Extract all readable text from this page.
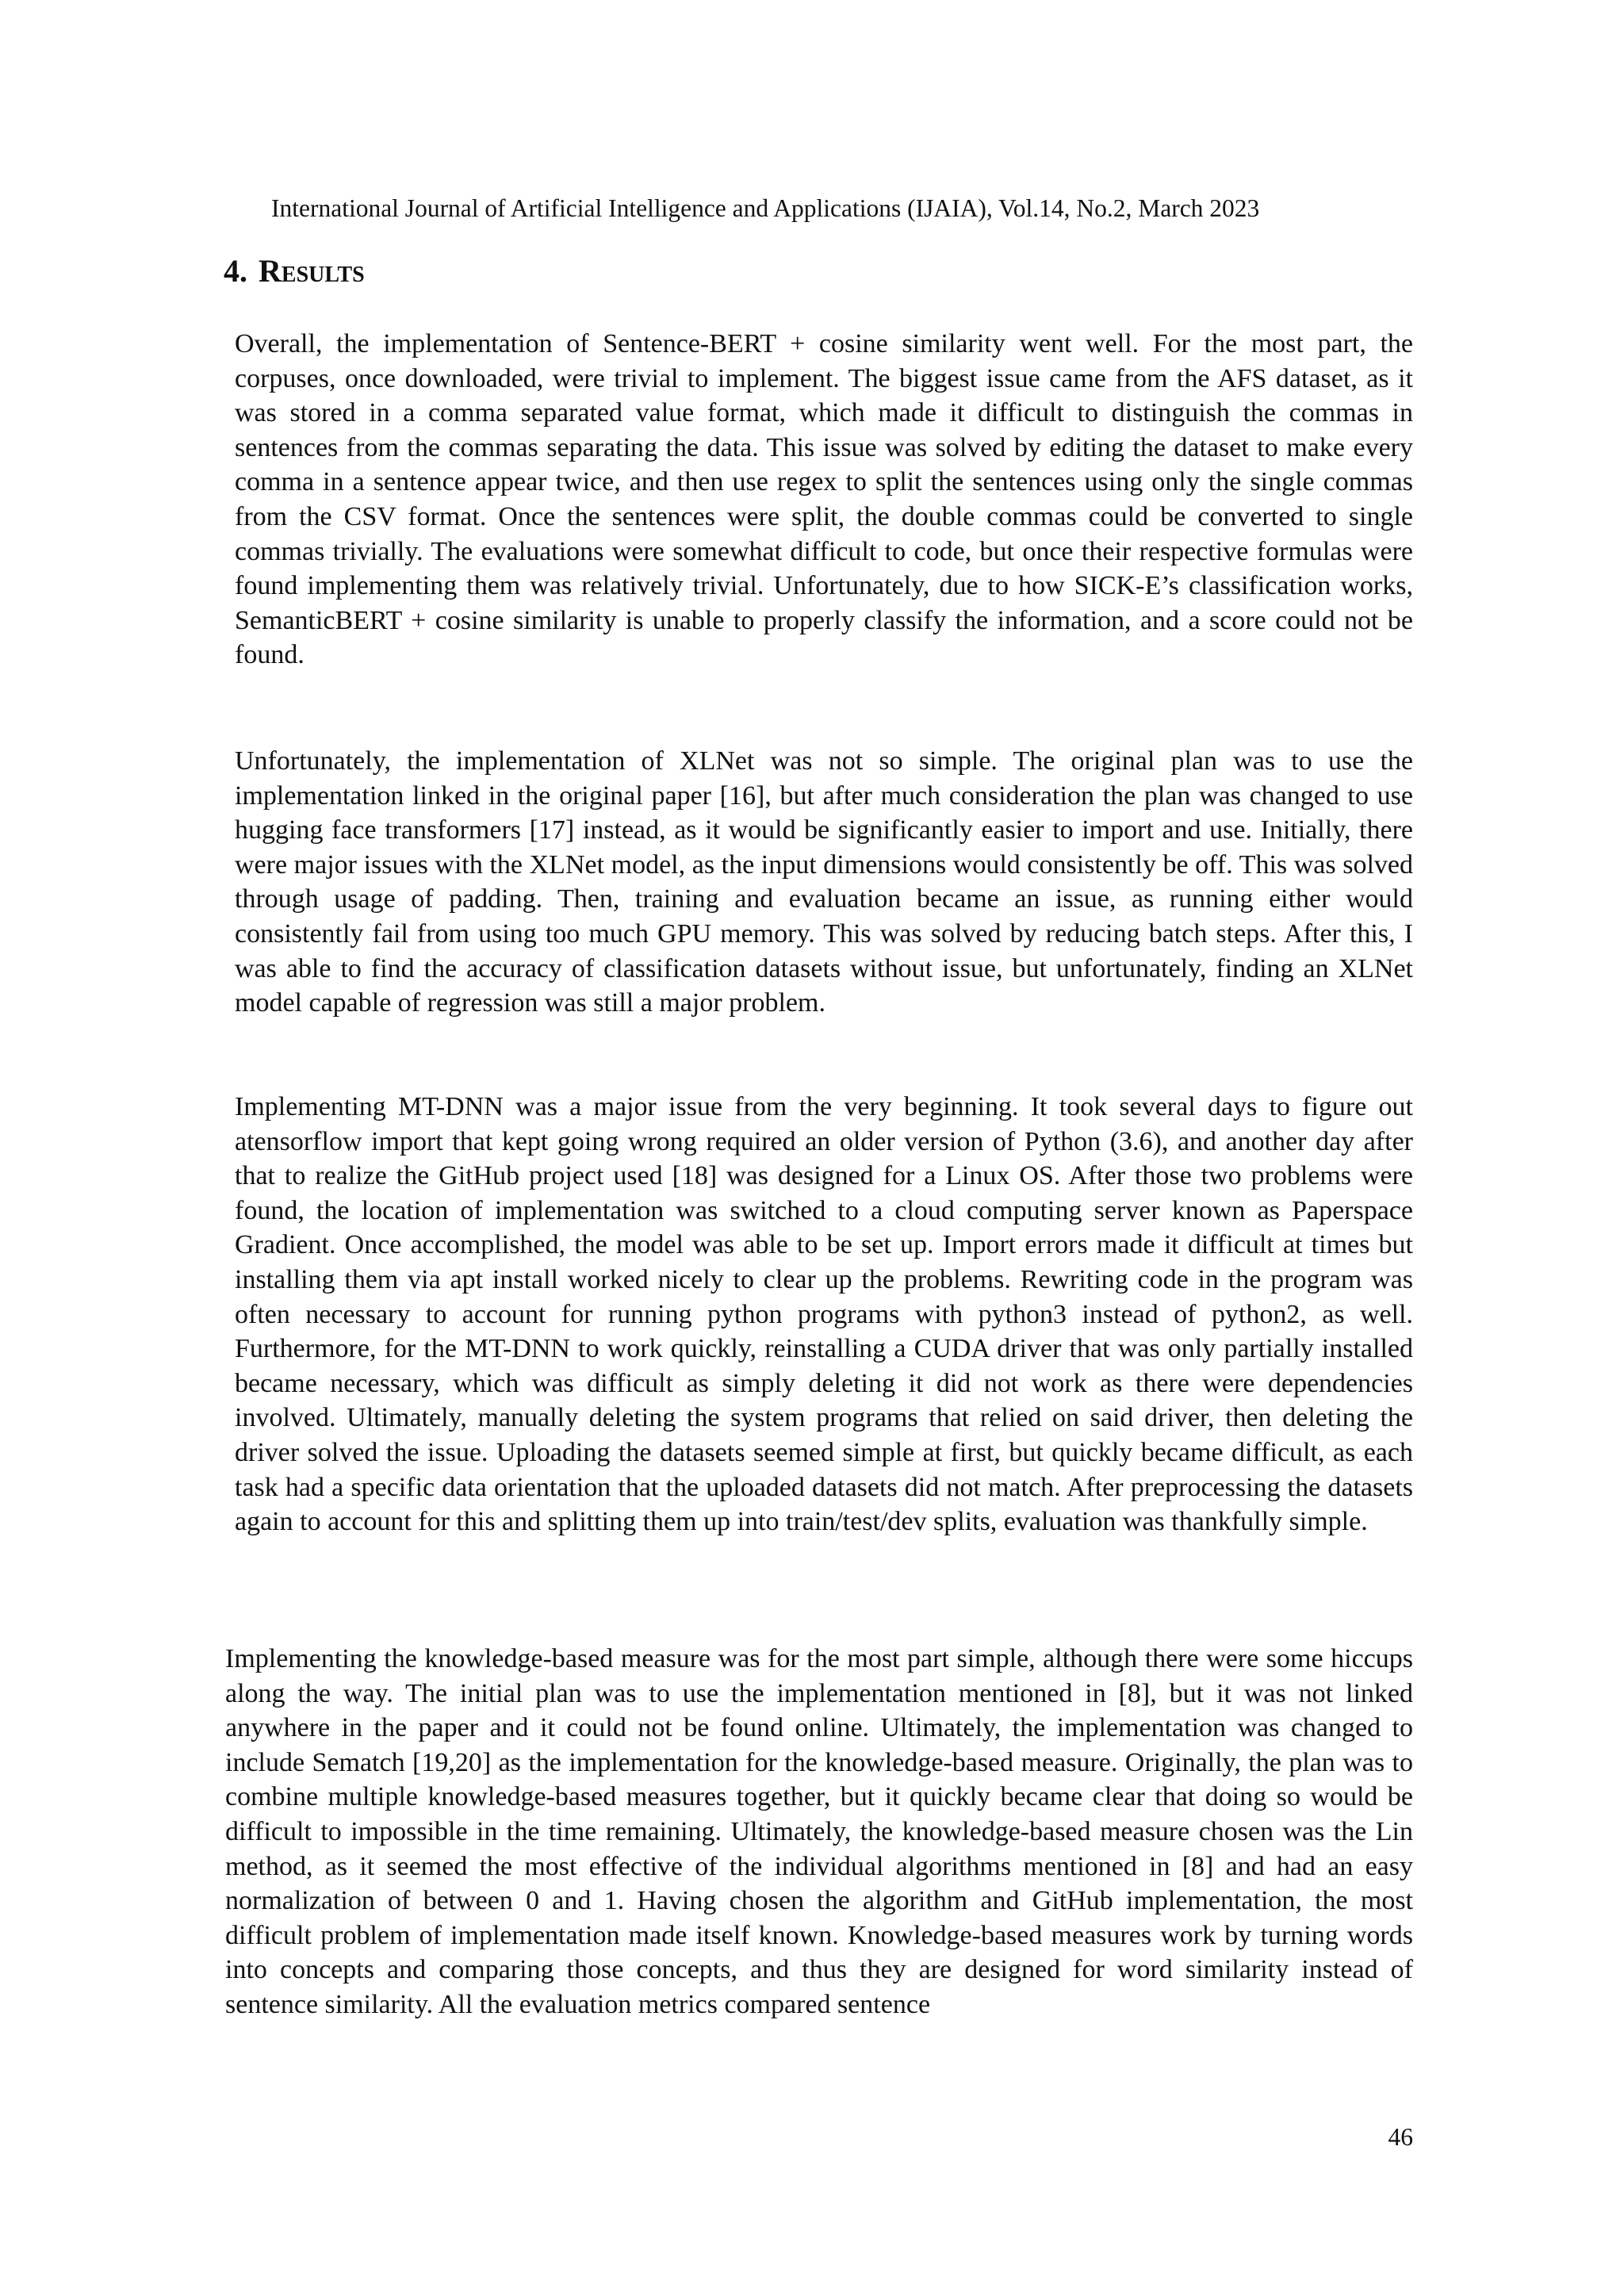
International Journal of Artificial Intelligence and Applications (IJAIA), Vol.14, No.2, March 2023
4. Results

Overall, the implementation of Sentence-BERT + cosine similarity went well. For the most part, the corpuses, once downloaded, were trivial to implement. The biggest issue came from the AFS dataset, as it was stored in a comma separated value format, which made it difficult to distinguish the commas in sentences from the commas separating the data. This issue was solved by editing the dataset to make every comma in a sentence appear twice, and then use regex to split the sentences using only the single commas from the CSV format. Once the sentences were split, the double commas could be converted to single commas trivially. The evaluations were somewhat difficult to code, but once their respective formulas were found implementing them was relatively trivial. Unfortunately, due to how SICK-E’s classification works, SemanticBERT + cosine similarity is unable to properly classify the information, and a score could not be found.

Unfortunately, the implementation of XLNet was not so simple. The original plan was to use the implementation linked in the original paper [16], but after much consideration the plan was changed to use hugging face transformers [17] instead, as it would be significantly easier to import and use. Initially, there were major issues with the XLNet model, as the input dimensions would consistently be off. This was solved through usage of padding. Then, training and evaluation became an issue, as running either would consistently fail from using too much GPU memory. This was solved by reducing batch steps. After this, I was able to find the accuracy of classification datasets without issue, but unfortunately, finding an XLNet model capable of regression was still a major problem.

Implementing MT-DNN was a major issue from the very beginning. It took several days to figure out atensorflow import that kept going wrong required an older version of Python (3.6), and another day after that to realize the GitHub project used [18] was designed for a Linux OS. After those two problems were found, the location of implementation was switched to a cloud computing server known as Paperspace Gradient. Once accomplished, the model was able to be set up. Import errors made it difficult at times but installing them via apt install worked nicely to clear up the problems. Rewriting code in the program was often necessary to account for running python programs with python3 instead of python2, as well. Furthermore, for the MT-DNN to work quickly, reinstalling a CUDA driver that was only partially installed became necessary, which was difficult as simply deleting it did not work as there were dependencies involved. Ultimately, manually deleting the system programs that relied on said driver, then deleting the driver solved the issue. Uploading the datasets seemed simple at first, but quickly became difficult, as each task had a specific data orientation that the uploaded datasets did not match. After preprocessing the datasets again to account for this and splitting them up into train/test/dev splits, evaluation was thankfully simple.

Implementing the knowledge-based measure was for the most part simple, although there were some hiccups along the way. The initial plan was to use the implementation mentioned in [8], but it was not linked anywhere in the paper and it could not be found online. Ultimately, the implementation was changed to include Sematch [19,20] as the implementation for the knowledge-based measure. Originally, the plan was to combine multiple knowledge-based measures together, but it quickly became clear that doing so would be difficult to impossible in the time remaining. Ultimately, the knowledge-based measure chosen was the Lin method, as it seemed the most effective of the individual algorithms mentioned in [8] and had an easy normalization of between 0 and 1. Having chosen the algorithm and GitHub implementation, the most difficult problem of implementation made itself known. Knowledge-based measures work by turning words into concepts and comparing those concepts, and thus they are designed for word similarity instead of sentence similarity. All the evaluation metrics compared sentence

46
